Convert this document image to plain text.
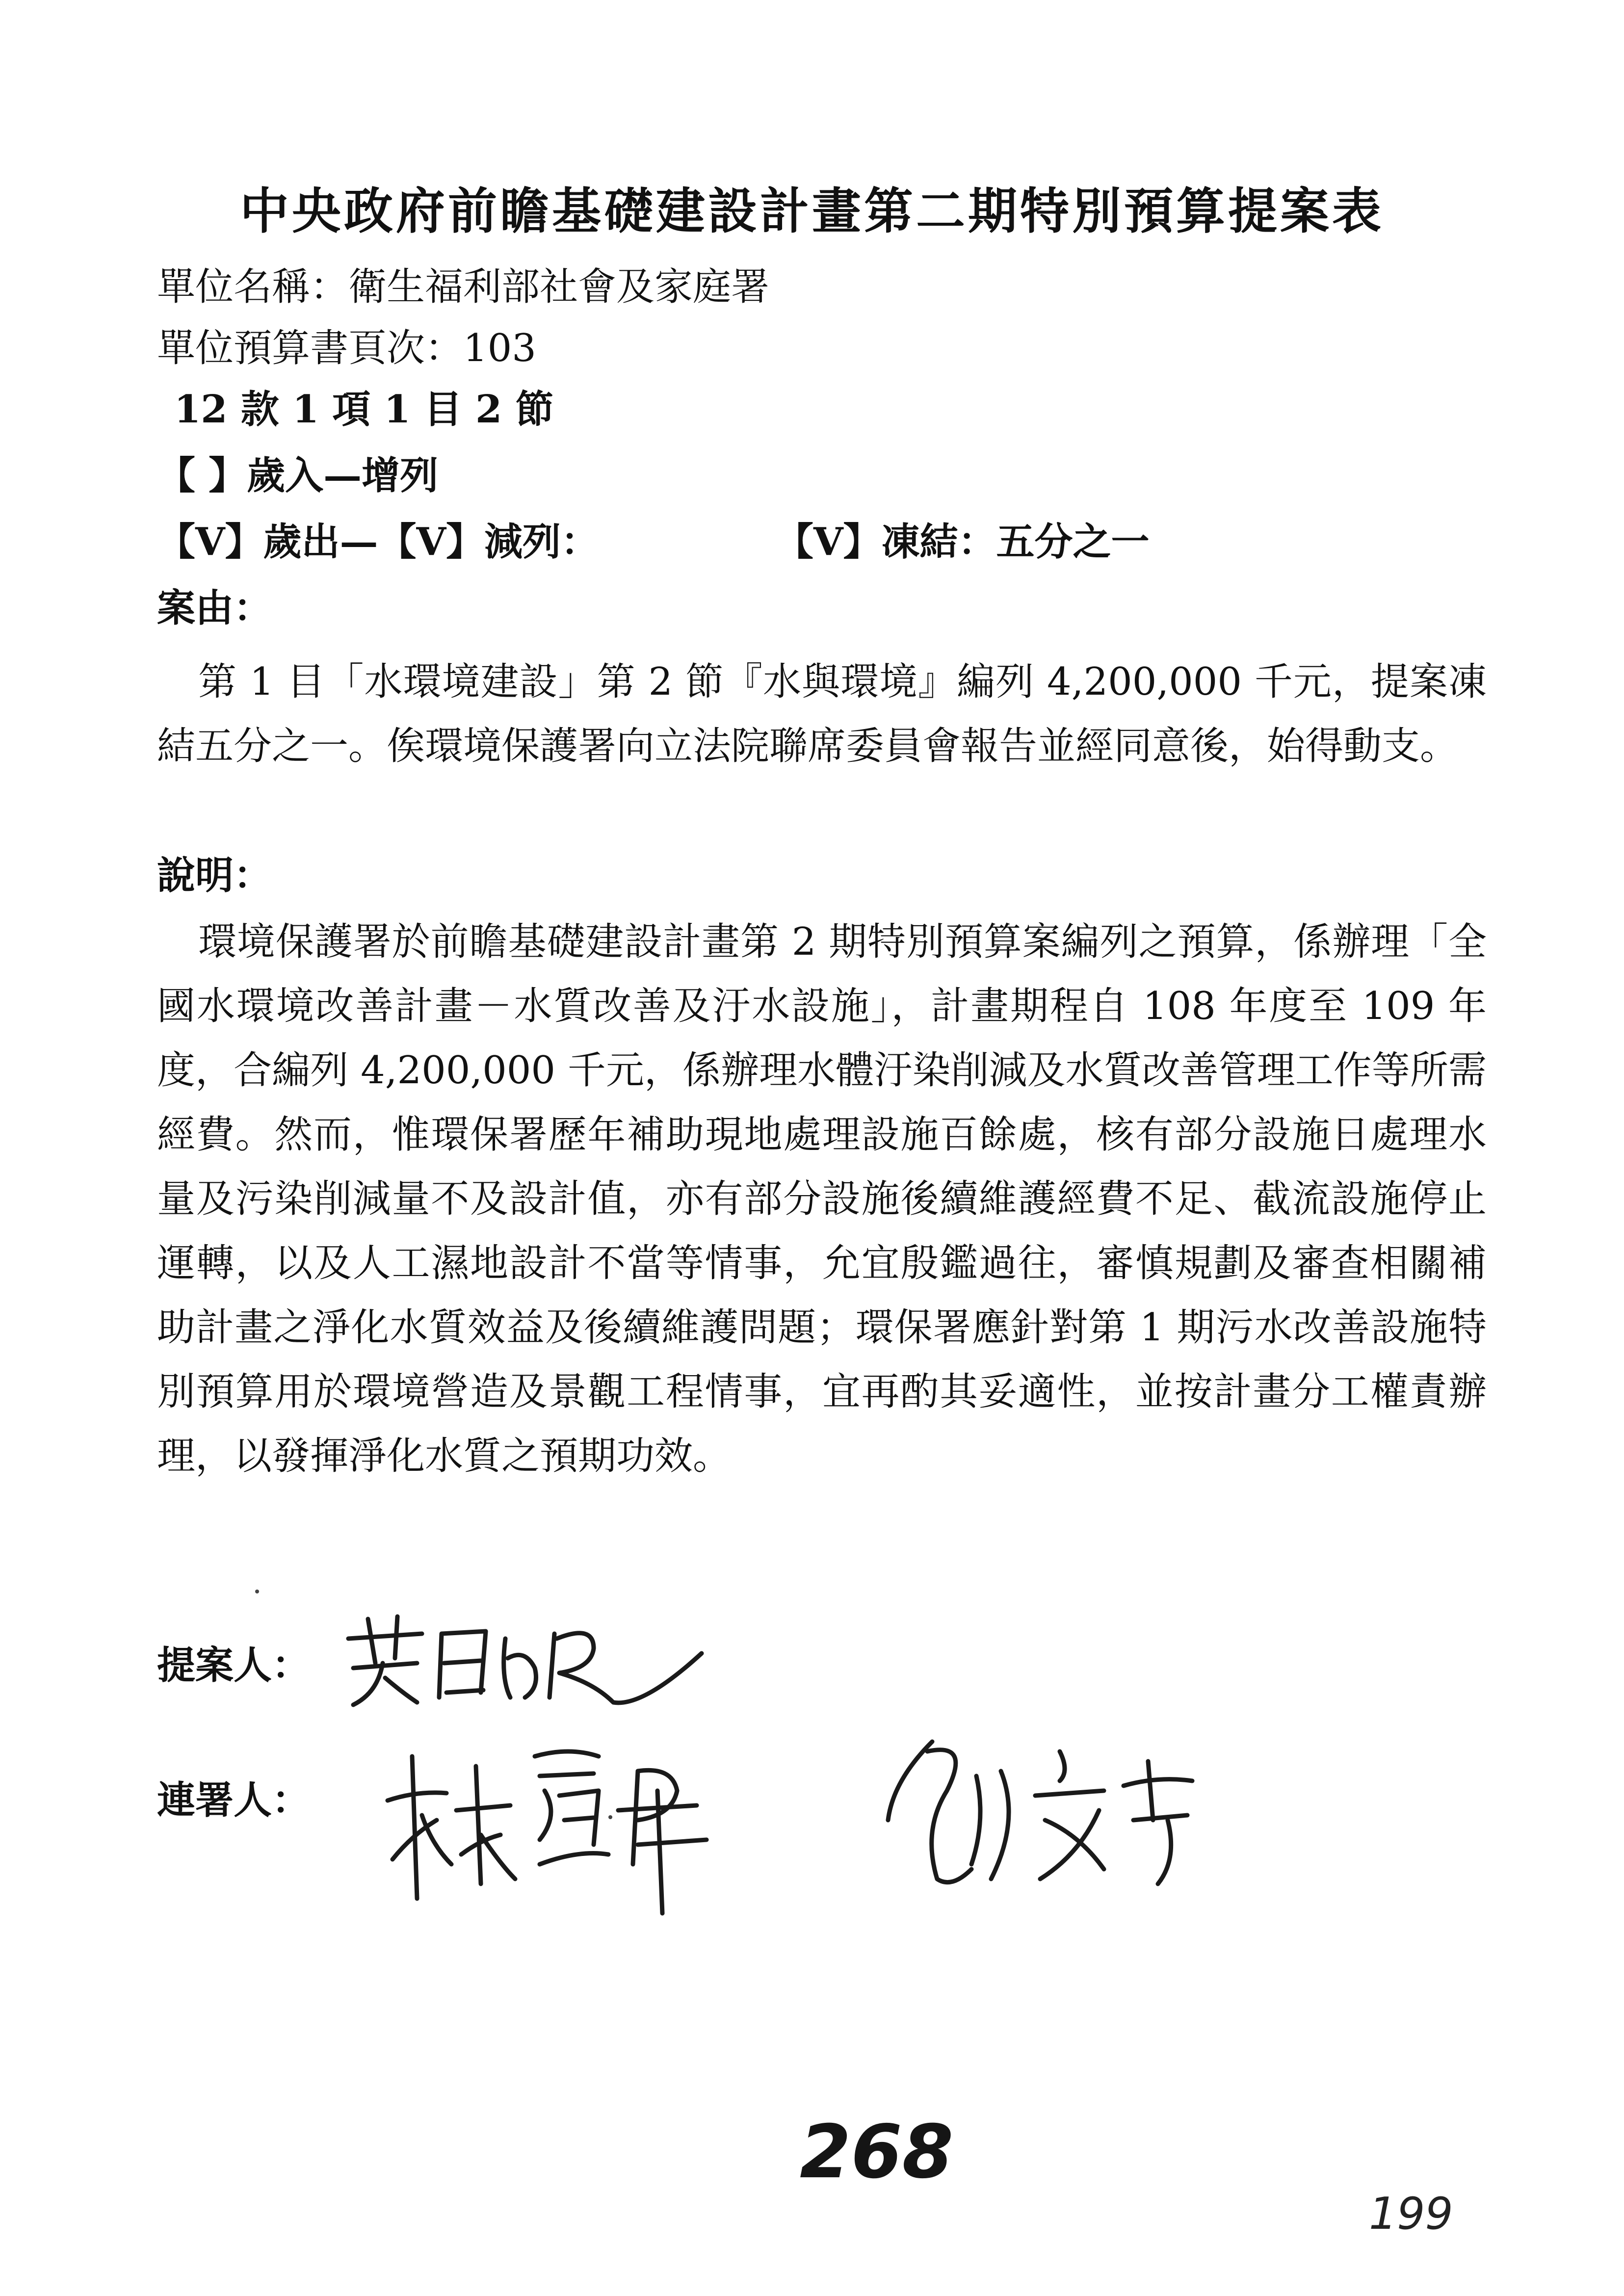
中央政府前瞻基礎建設計畫第二期特別預算提案表
單位名稱：衛生福利部社會及家庭署
單位預算書頁次：103
12 款 1 項 1 目 2 節
【 】歲入—增列
【V】歲出—【V】減列：	【V】凍結：五分之一
案由：

第 1 目「水環境建設」第 2 節『水與環境』編列 4,200,000 千元，提案凍結五分之一。俟環境保護署向立法院聯席委員會報告並經同意後，始得動支。

說明：

環境保護署於前瞻基礎建設計畫第 2 期特別預算案編列之預算，係辦理「全國水環境改善計畫－水質改善及汙水設施」，計畫期程自 108 年度至 109 年度，合編列 4,200,000 千元，係辦理水體汙染削減及水質改善管理工作等所需經費。然而，惟環保署歷年補助現地處理設施百餘處，核有部分設施日處理水量及污染削減量不及設計值，亦有部分設施後續維護經費不足、截流設施停止運轉，以及人工濕地設計不當等情事，允宜殷鑑過往，審慎規劃及審查相關補助計畫之淨化水質效益及後續維護問題；環保署應針對第 1 期污水改善設施特別預算用於環境營造及景觀工程情事，宜再酌其妥適性，並按計畫分工權責辦理，以發揮淨化水質之預期功效。

提案人：
連署人：
268
199
